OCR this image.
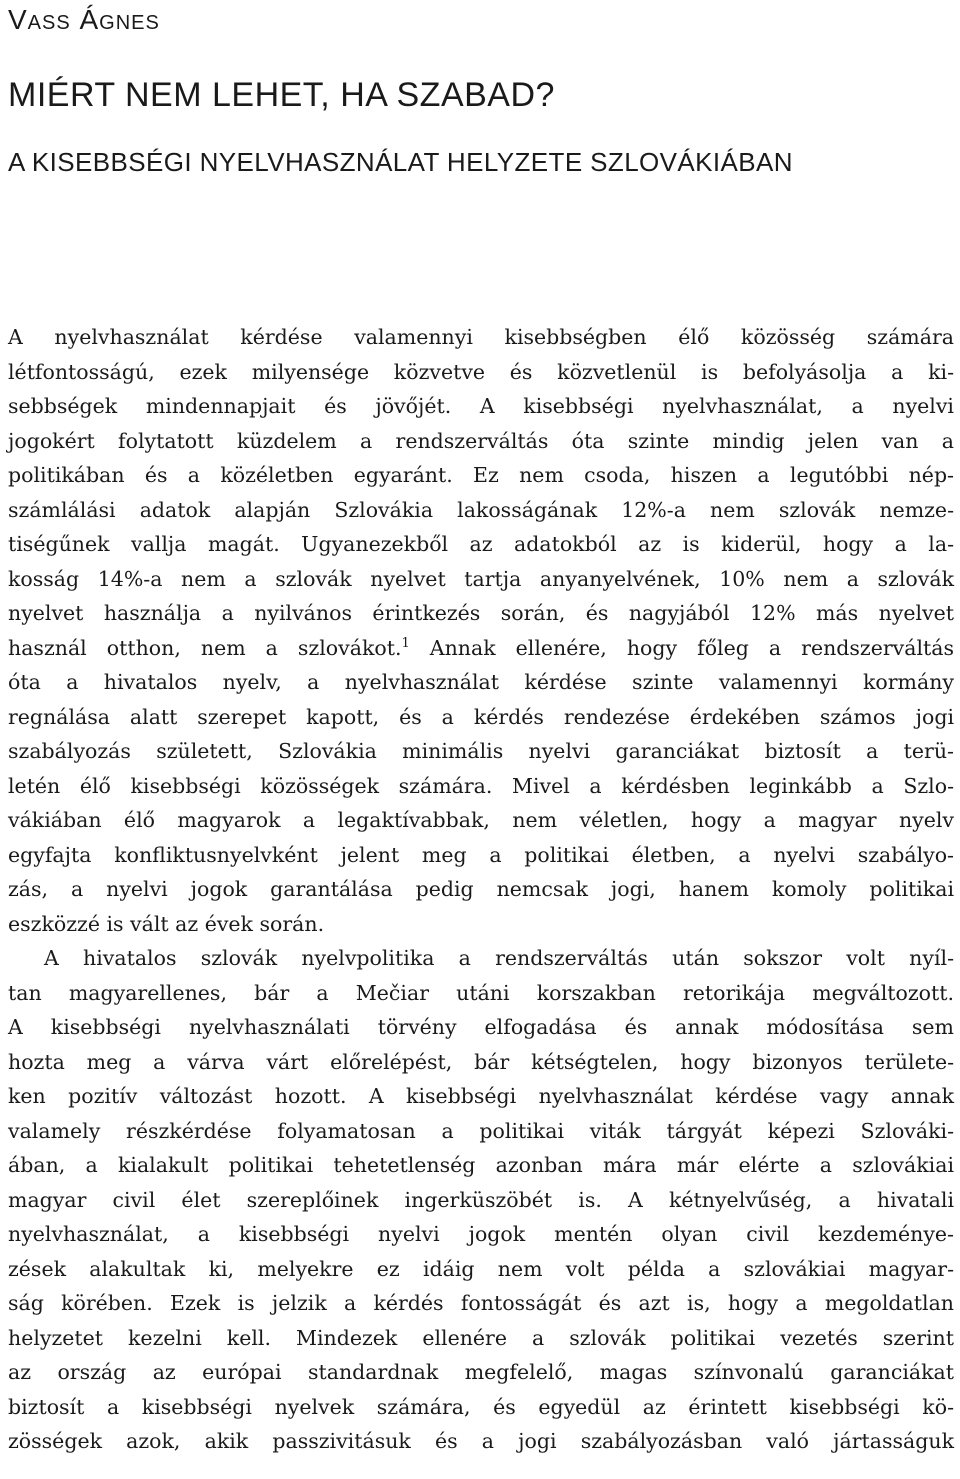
Vass Ágnes
MIÉRT NEM LEHET, HA SZABAD?
A KISEBBSÉGI NYELVHASZNÁLAT HELYZETE SZLOVÁKIÁBAN
A nyelvhasználat kérdése valamennyi kisebbségben élő közösség számára
létfontosságú, ezek milyensége közvetve és közvetlenül is befolyásolja a ki-
sebbségek mindennapjait és jövőjét. A kisebbségi nyelvhasználat, a nyelvi
jogokért folytatott küzdelem a rendszerváltás óta szinte mindig jelen van a
politikában és a közéletben egyaránt. Ez nem csoda, hiszen a legutóbbi nép-
számlálási adatok alapján Szlovákia lakosságának 12%-a nem szlovák nemze-
tiségűnek vallja magát. Ugyanezekből az adatokból az is kiderül, hogy a la-
kosság 14%-a nem a szlovák nyelvet tartja anyanyelvének, 10% nem a szlovák
nyelvet használja a nyilvános érintkezés során, és nagyjából 12% más nyelvet
használ otthon, nem a szlovákot.$^1$ Annak ellenére, hogy főleg a rendszerváltás
óta a hivatalos nyelv, a nyelvhasználat kérdése szinte valamennyi kormány
regnálása alatt szerepet kapott, és a kérdés rendezése érdekében számos jogi
szabályozás született, Szlovákia minimális nyelvi garanciákat biztosít a terü-
letén élő kisebbségi közösségek számára. Mivel a kérdésben leginkább a Szlo-
vákiában élő magyarok a legaktívabbak, nem véletlen, hogy a magyar nyelv
egyfajta konfliktusnyelvként jelent meg a politikai életben, a nyelvi szabályo-
zás, a nyelvi jogok garantálása pedig nemcsak jogi, hanem komoly politikai
eszközzé is vált az évek során.
A hivatalos szlovák nyelvpolitika a rendszerváltás után sokszor volt nyíl-
tan magyarellenes, bár a Mečiar utáni korszakban retorikája megváltozott.
A kisebbségi nyelvhasználati törvény elfogadása és annak módosítása sem
hozta meg a várva várt előrelépést, bár kétségtelen, hogy bizonyos területe-
ken pozitív változást hozott. A kisebbségi nyelvhasználat kérdése vagy annak
valamely részkérdése folyamatosan a politikai viták tárgyát képezi Szlováki-
ában, a kialakult politikai tehetetlenség azonban mára már elérte a szlovákiai
magyar civil élet szereplőinek ingerküszöbét is. A kétnyelvűség, a hivatali
nyelvhasználat, a kisebbségi nyelvi jogok mentén olyan civil kezdeménye-
zések alakultak ki, melyekre ez idáig nem volt példa a szlovákiai magyar-
ság körében. Ezek is jelzik a kérdés fontosságát és azt is, hogy a megoldatlan
helyzetet kezelni kell. Mindezek ellenére a szlovák politikai vezetés szerint
az ország az európai standardnak megfelelő, magas színvonalú garanciákat
biztosít a kisebbségi nyelvek számára, és egyedül az érintett kisebbségi kö-
zösségek azok, akik passzivitásuk és a jogi szabályozásban való jártasságuk
